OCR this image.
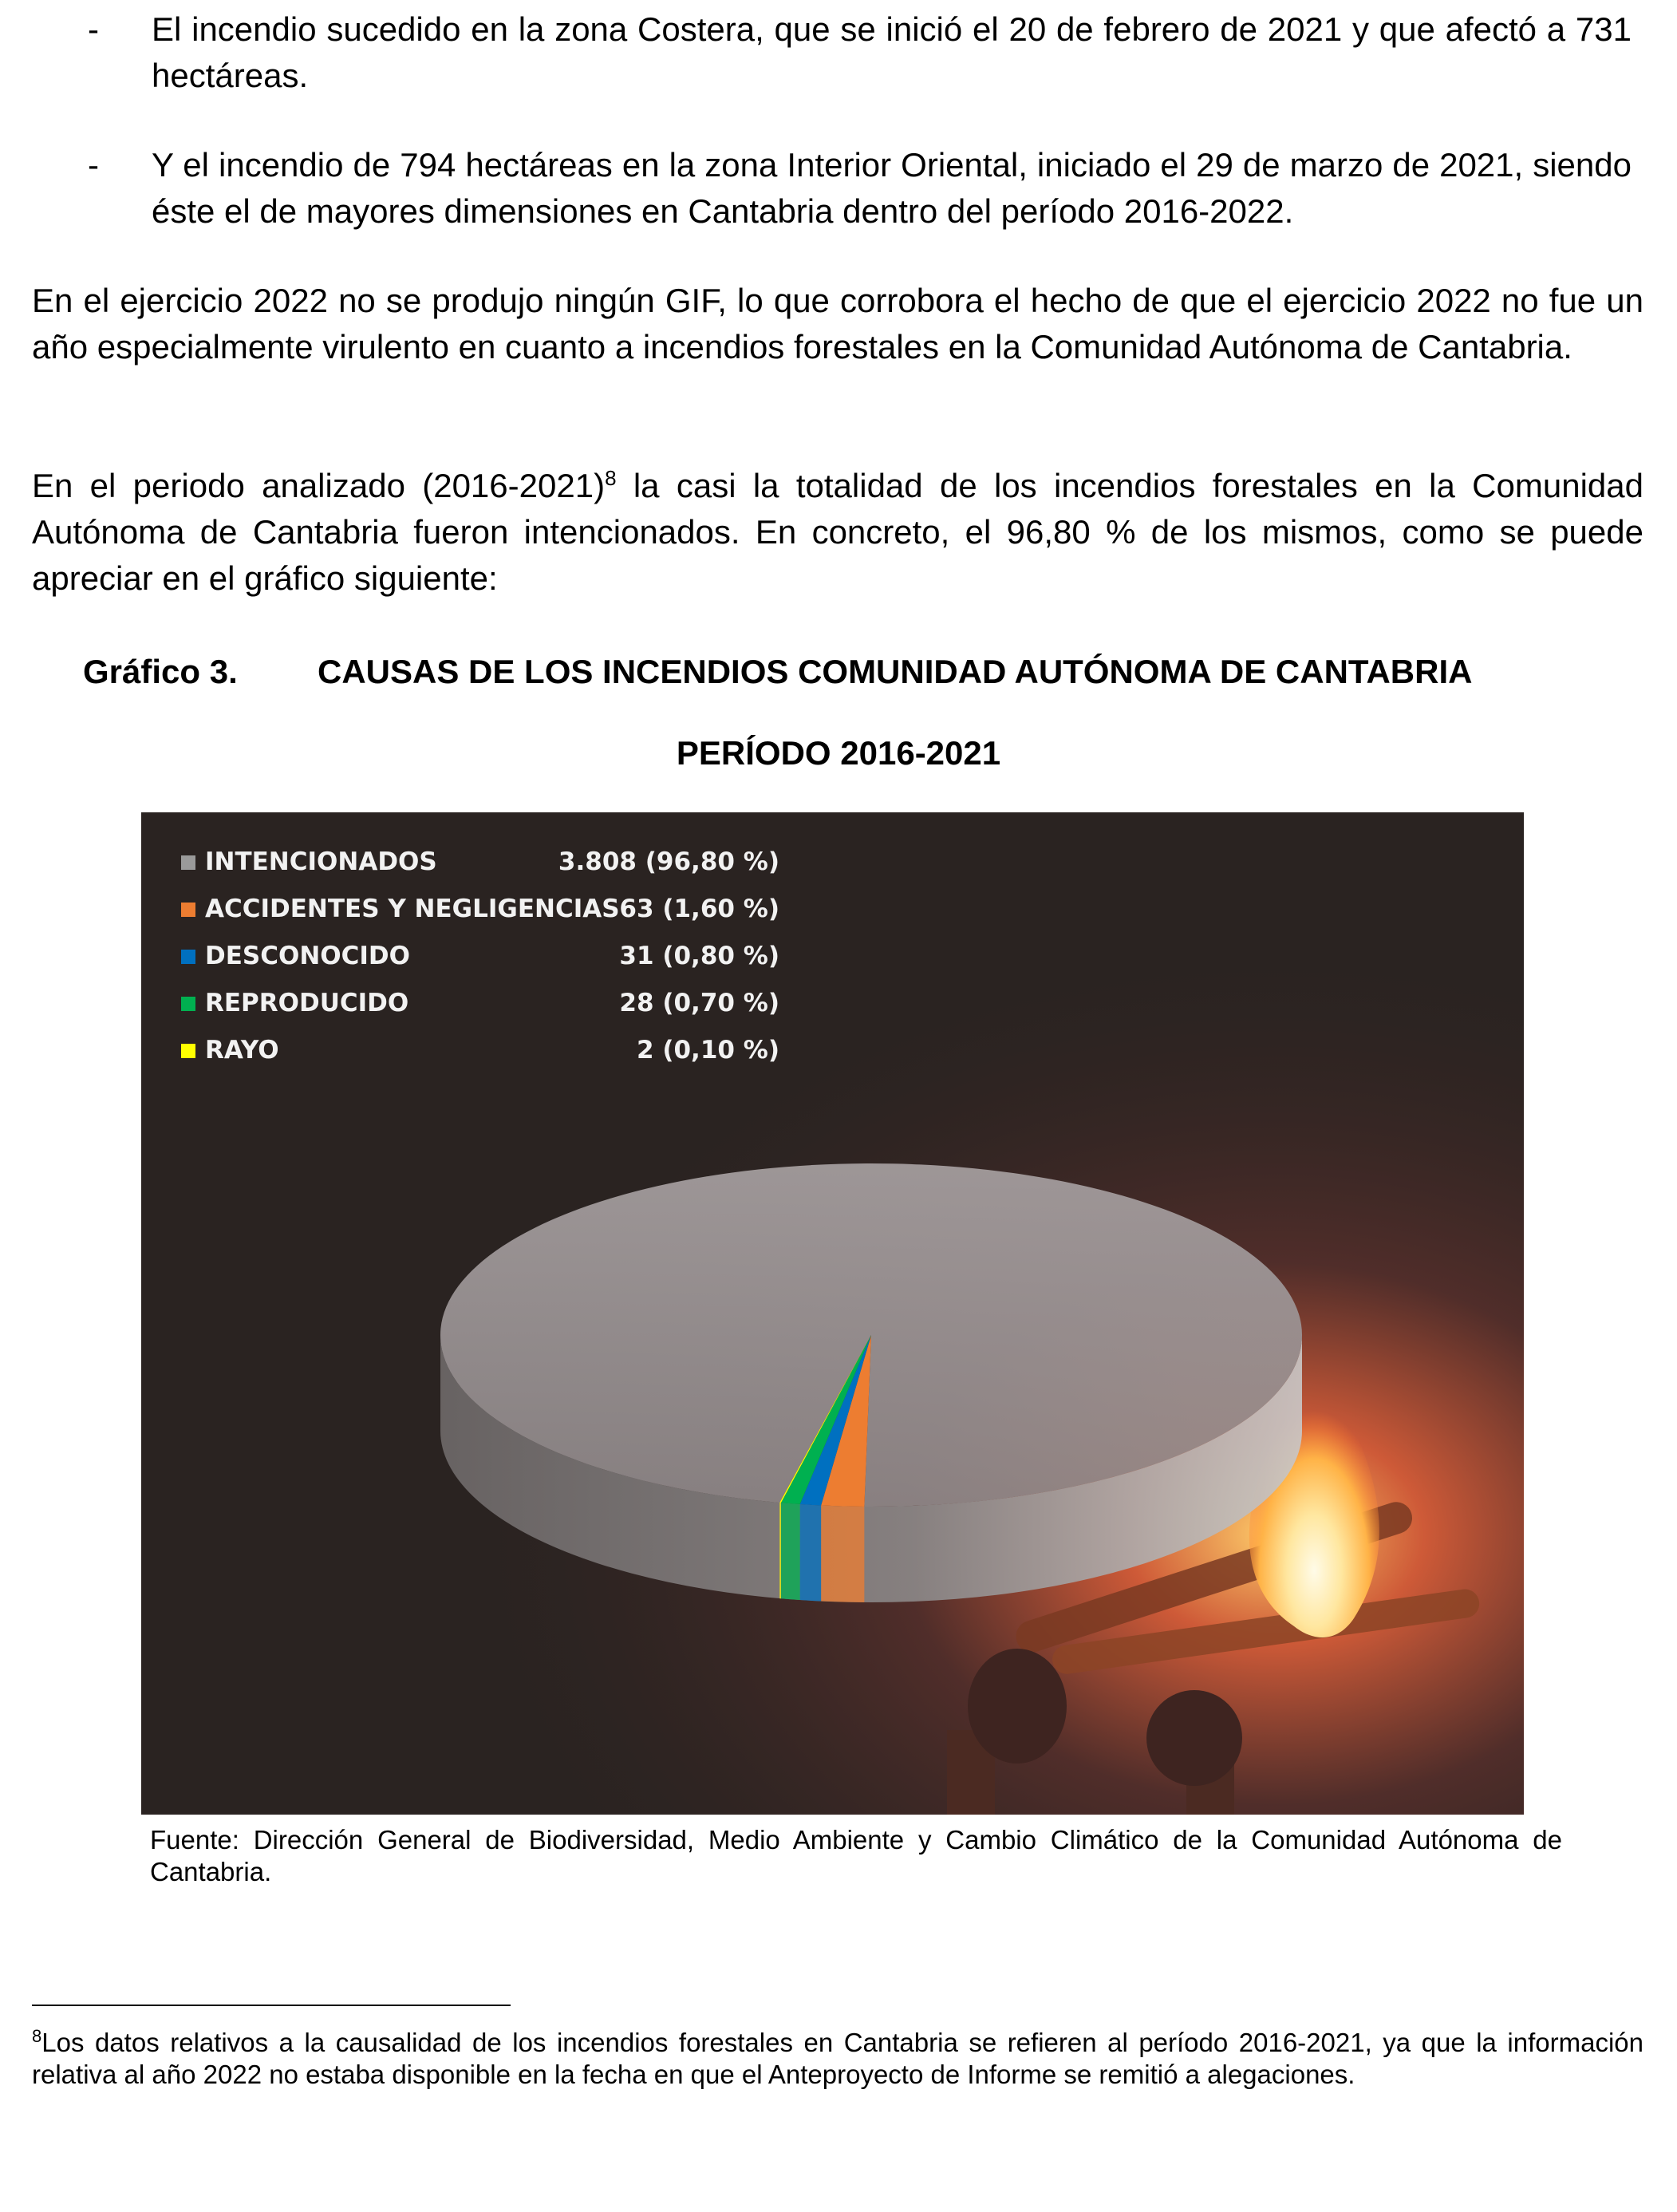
- El incendio sucedido en la zona Costera, que se inició el 20 de febrero de 2021 y que afectó a 731 hectáreas.
- Y el incendio de 794 hectáreas en la zona Interior Oriental, iniciado el 29 de marzo de 2021, siendo éste el de mayores dimensiones en Cantabria dentro del período 2016-2022.

En el ejercicio 2022 no se produjo ningún GIF, lo que corrobora el hecho de que el ejercicio 2022 no fue un año especialmente virulento en cuanto a incendios forestales en la Comunidad Autónoma de Cantabria.

En el periodo analizado (2016-2021)$^8$ la casi la totalidad de los incendios forestales en la Comunidad Autónoma de Cantabria fueron intencionados. En concreto, el 96,80 % de los mismos, como se puede apreciar en el gráfico siguiente:

Gráfico 3. CAUSAS DE LOS INCENDIOS COMUNIDAD AUTÓNOMA DE CANTABRIA
PERÍODO 2016-2021
INTENCIONADOS	3.808 (96,80 %)
ACCIDENTES Y NEGLIGENCIAS 63 (1,60 %)
DESCONOCIDO	31 (0,80 %)
REPRODUCIDO	28 (0,70 %)
RAYO	2 (0,10 %)
Fuente: Dirección General de Biodiversidad, Medio Ambiente y Cambio Climático de la Comunidad Autónoma de Cantabria.
$^8$Los datos relativos a la causalidad de los incendios forestales en Cantabria se refieren al período 2016-2021, ya que la información relativa al año 2022 no estaba disponible en la fecha en que el Anteproyecto de Informe se remitió a alegaciones.
